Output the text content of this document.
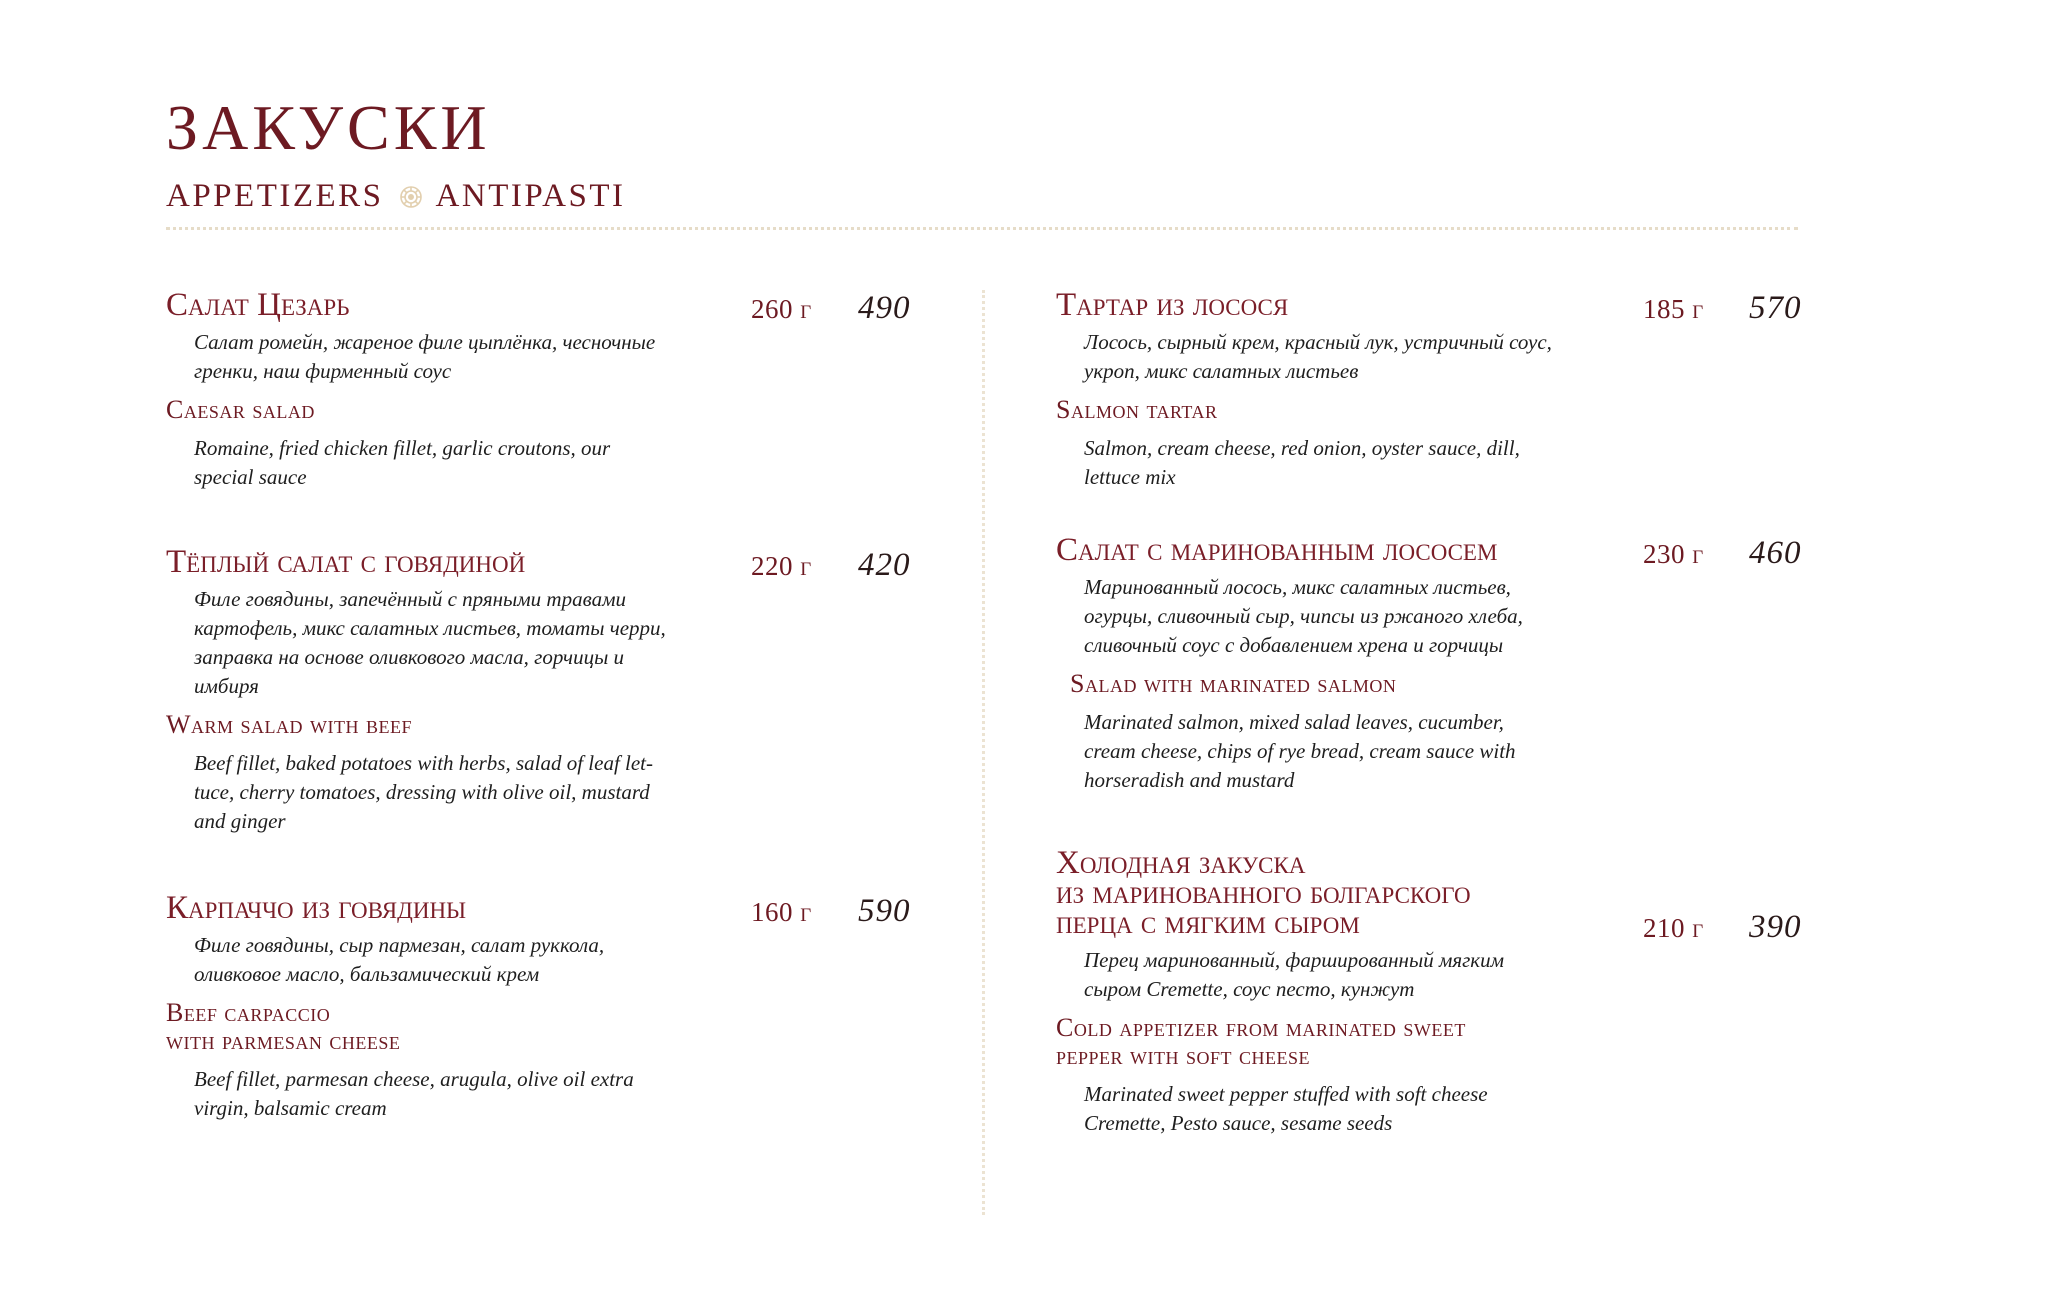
ЗАКУСКИ
APPETIZERS ANTIPASTI
Салат Цезарь
Салат ромейн, жареное филе цыплёнка, чесночные
гренки, наш фирменный соус
Caesar salad
Romaine, fried chicken fillet, garlic croutons, our
special sauce
260 г 490
Тёплый салат с говядиной
Филе говядины, запечённый с пряными травами
картофель, микс салатных листьев, томаты черри,
заправка на основе оливкового масла, горчицы и
имбиря
Warm salad with beef
Beef fillet, baked potatoes with herbs, salad of leaf let-
tuce, cherry tomatoes, dressing with olive oil, mustard
and ginger
220 г 420
Карпаччо из говядины
Филе говядины, сыр пармезан, салат руккола,
оливковое масло, бальзамический крем
Beef carpaccio
with parmesan cheese
Beef fillet, parmesan cheese, arugula, olive oil extra
virgin, balsamic cream
160 г 590
Тартар из лосося
Лосось, сырный крем, красный лук, устричный соус,
укроп, микс салатных листьев
Salmon tartar
Salmon, cream cheese, red onion, oyster sauce, dill,
lettuce mix
185 г 570
Салат с маринованным лососем
Маринованный лосось, микс салатных листьев,
огурцы, сливочный сыр, чипсы из ржаного хлеба,
сливочный соус с добавлением хрена и горчицы
Salad with marinated salmon
Marinated salmon, mixed salad leaves, cucumber,
cream cheese, chips of rye bread, cream sauce with
horseradish and mustard
230 г 460
Холодная закуска
из маринованного болгарского
перца с мягким сыром
Перец маринованный, фаршированный мягким
сыром Cremette, соус песто, кунжут
Cold appetizer from marinated sweet
pepper with soft cheese
Marinated sweet pepper stuffed with soft cheese
Cremette, Pesto sauce, sesame seeds
210 г 390
